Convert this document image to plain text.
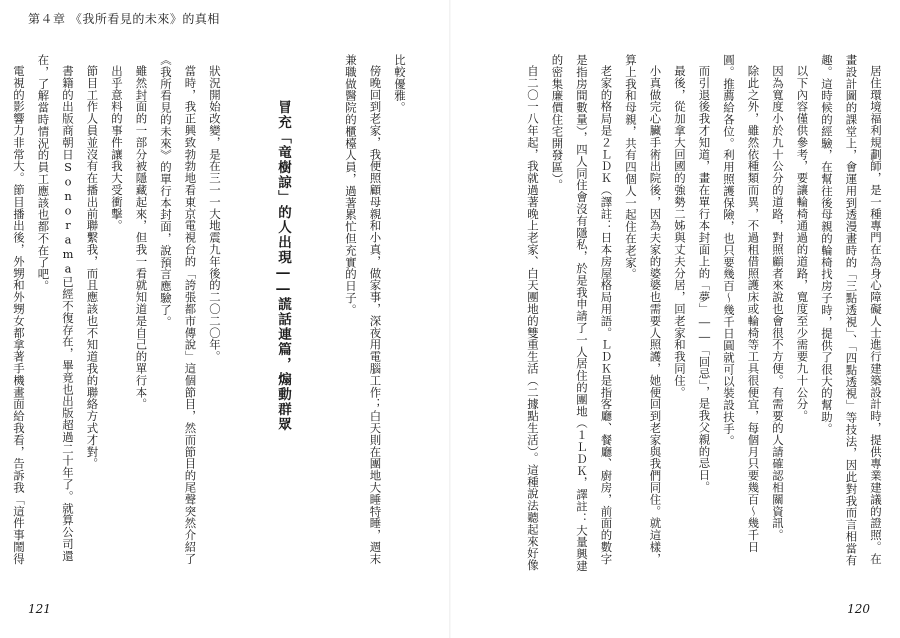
第４章 《我所看見的未來》的真相

比較優雅。

傍晚回到老家，我便照顧母親和小真，做家事，深夜用電腦工作；白天則在團地大睡特睡，週末兼職做醫院的櫃檯人員，過著累忙但充實的日子。

冒充「竜樹諒」的人出現――謊話連篇，煽動群眾

狀況開始改變，是在三一一大地震九年後的二〇二〇年。

當時，我正興致勃勃地看東京電視台的「誇張都市傳說」這個節目，然而節目的尾聲突然介紹了《我所看見的未來》的單行本封面，說預言應驗了。

雖然封面的一部分被隱藏起來，但我一看就知道是自己的單行本。

出乎意料的事件讓我大受衝擊。

節目工作人員並沒有在播出前聯繫我，而且應該也不知道我的聯絡方式才對。

書籍的出版商朝日Sonorama已經不復存在，畢竟也出版超過二十年了。就算公司還在，了解當時情況的員工應該也都不在了吧。

電視的影響力非常大。節目播出後，外甥和外甥女都拿著手機畫面給我看，告訴我「這件事鬧得

121

居住環境福利規劃師，是一種專門在為身心障礙人士進行建築設計時，提供專業建議的證照。在畫設計圖的課堂上，會運用到透漫畫時的「三點透視」、「四點透視」等技法，因此對我而言相當有趣。這時候的經驗，在幫往後母親的輪椅找房子時，提供了很大的幫助。

以下內容僅供參考，要讓輪椅通過的道路，寬度至少需要九十公分。

因為寬度小於九十公分的道路，對照顧者來說也會很不方便。有需要的人請確認相關資訊。

除此之外，雖然依種類而異，不過租借照護床或輪椅等工具很便宜，每個月只要幾百～幾千日圓。推薦給各位。利用照護保險，也只要幾百～幾千日圓就可以裝設扶手。

而引退後我才知道，畫在單行本封面上的「夢」――「回忌」，是我父親的忌日。

最後，從加拿大回國的強勢二姊與丈夫分居，回老家和我同住。

小真做完心臟手術出院後，因為夫家的婆婆也需要人照護，她便回到老家與我們同住。就這樣，算上我和母親，共有四個人一起住在老家。

老家的格局是２ＬＤＫ（譯註：日本房屋格局用語。ＬＤＫ是指客廳、餐廳、廚房，前面的數字是指房間數量），四人同住會沒有隱私，於是我申請了一人居住的團地（１ＬＤＫ，譯註：大量興建的密集廉價住宅開發區）。

自二〇一八年起，我就過著晚上老家、白天團地的雙重生活（二據點生活）。這種說法聽起來好像

120
